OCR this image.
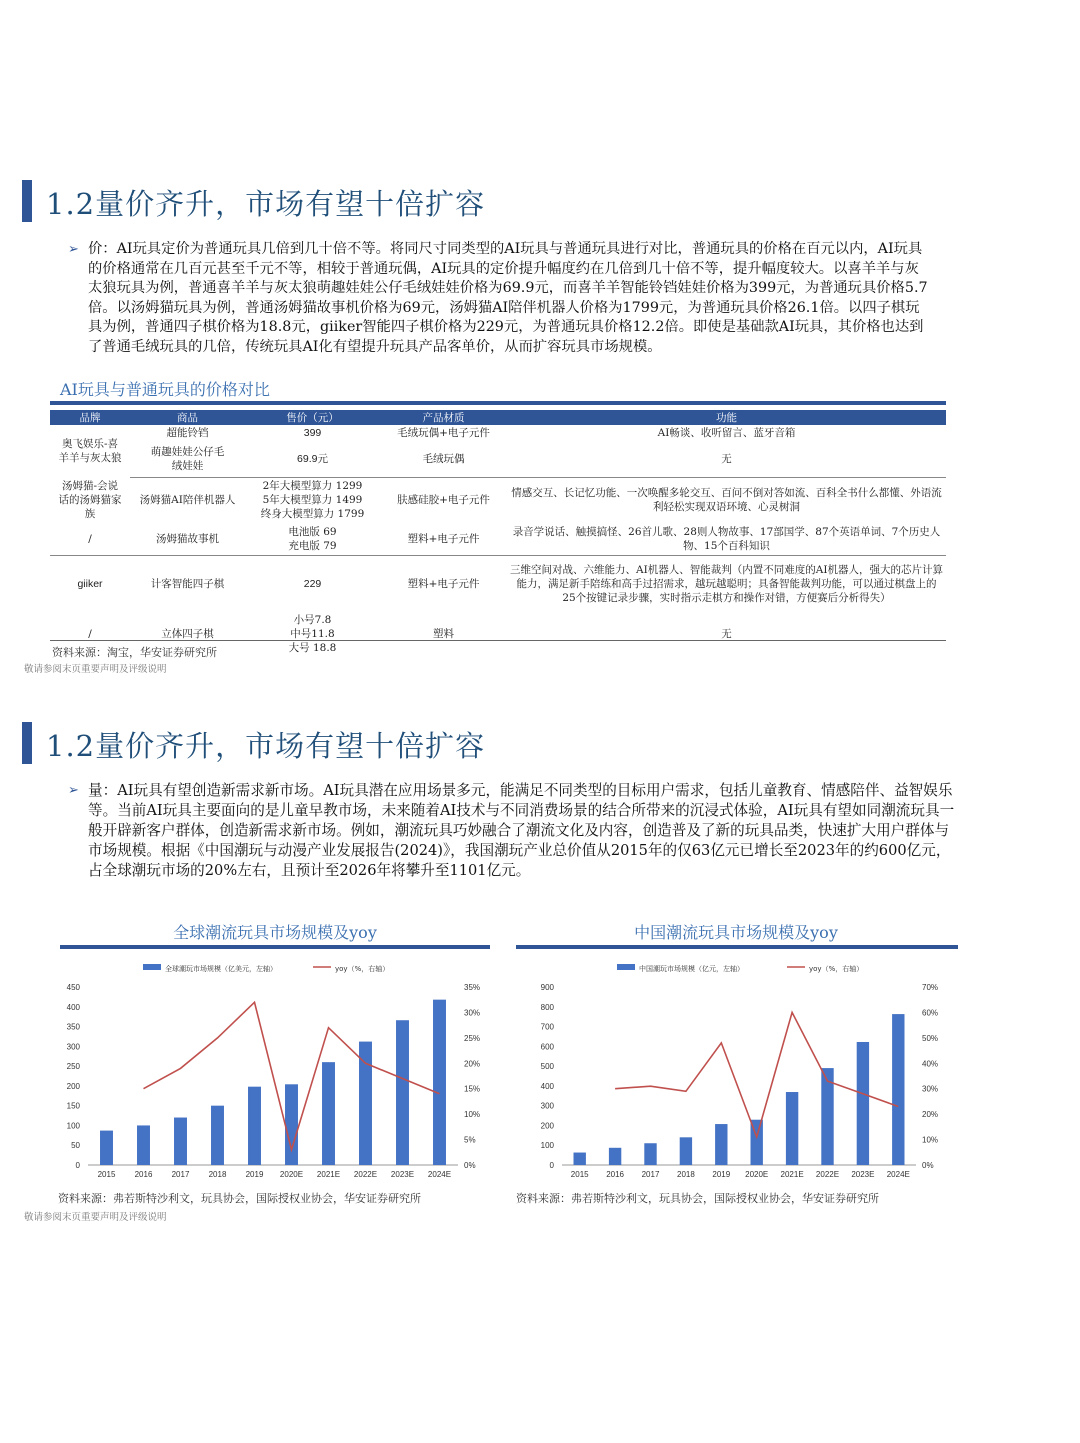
1.2量价齐升，市场有望十倍扩容
➢ 价：AI玩具定价为普通玩具几倍到几十倍不等。将同尺寸同类型的AI玩具与普通玩具进行对比，普通玩具的价格在百元以内，AI玩具的价格通常在几百元甚至千元不等，相较于普通玩偶，AI玩具的定价提升幅度约在几倍到几十倍不等，提升幅度较大。以喜羊羊与灰太狼玩具为例，普通喜羊羊与灰太狼萌趣娃娃公仔毛绒娃娃价格为69.9元，而喜羊羊智能铃铛娃娃价格为399元，为普通玩具价格5.7倍。以汤姆猫玩具为例，普通汤姆猫故事机价格为69元，汤姆猫AI陪伴机器人价格为1799元，为普通玩具价格26.1倍。以四子棋玩具为例，普通四子棋价格为18.8元，giiker智能四子棋价格为229元，为普通玩具价格12.2倍。即使是基础款AI玩具，其价格也达到了普通毛绒玩具的几倍，传统玩具AI化有望提升玩具产品客单价，从而扩容玩具市场规模。
AI玩具与普通玩具的价格对比
品牌	商品	售价（元）	产品材质	功能
奥飞娱乐-喜
羊羊与灰太狼	超能铃铛	399	毛绒玩偶+电子元件	AI畅谈、收听留言、蓝牙音箱
	萌趣娃娃公仔毛
绒娃娃	69.9元	毛绒玩偶	无
汤姆猫-会说
话的汤姆猫家
族	汤姆猫AI陪伴机器人	2年大模型算力 1299
5年大模型算力 1499
终身大模型算力 1799	肤感硅胶+电子元件	情感交互、长记忆功能、一次唤醒多轮交互、百问不倒对答如流、百科全书什么都懂、外语流利轻松实现双语环境、心灵树洞
/	汤姆猫故事机	电池版 69
充电版 79	塑料+电子元件	录音学说话、触摸搞怪、26首儿歌、28则人物故事、17部国学、87个英语单词、7个历史人物、15个百科知识
giiker	计客智能四子棋	229	塑料+电子元件	三维空间对战、六维能力、AI机器人、智能裁判（内置不同难度的AI机器人，强大的芯片计算能力，满足新手陪练和高手过招需求，越玩越聪明；具备智能裁判功能，可以通过棋盘上的25个按键记录步骤，实时指示走棋方和操作对错，方便赛后分析得失）
/	立体四子棋	小号7.8
中号11.8
大号 18.8	塑料	无
资料来源：淘宝，华安证券研究所
敬请参阅末页重要声明及评级说明
1.2量价齐升，市场有望十倍扩容
➢ 量：AI玩具有望创造新需求新市场。AI玩具潜在应用场景多元，能满足不同类型的目标用户需求，包括儿童教育、情感陪伴、益智娱乐等。当前AI玩具主要面向的是儿童早教市场，未来随着AI技术与不同消费场景的结合所带来的沉浸式体验，AI玩具有望如同潮流玩具一般开辟新客户群体，创造新需求新市场。例如，潮流玩具巧妙融合了潮流文化及内容，创造普及了新的玩具品类，快速扩大用户群体与市场规模。根据《中国潮玩与动漫产业发展报告(2024)》，我国潮玩产业总价值从2015年的仅63亿元已增长至2023年的约600亿元，占全球潮玩市场的20%左右，且预计至2026年将攀升至1101亿元。
全球潮流玩具市场规模及yoy
全球潮玩市场规模（亿美元，左轴）	yoy（%，右轴）
0
50
100
150
200
250
300
350
400
450
0%
5%
10%
15%
20%
25%
30%
35%
2015 2016 2017 2018 2019 2020E 2021E 2022E 2023E 2024E
资料来源：弗若斯特沙利文，玩具协会，国际授权业协会，华安证券研究所
中国潮流玩具市场规模及yoy
中国潮玩市场规模（亿元，左轴）	yoy（%，右轴）
0
100
200
300
400
500
600
700
800
900
0%
10%
20%
30%
40%
50%
60%
70%
2015 2016 2017 2018 2019 2020E 2021E 2022E 2023E 2024E
资料来源：弗若斯特沙利文，玩具协会，国际授权业协会，华安证券研究所
敬请参阅末页重要声明及评级说明
